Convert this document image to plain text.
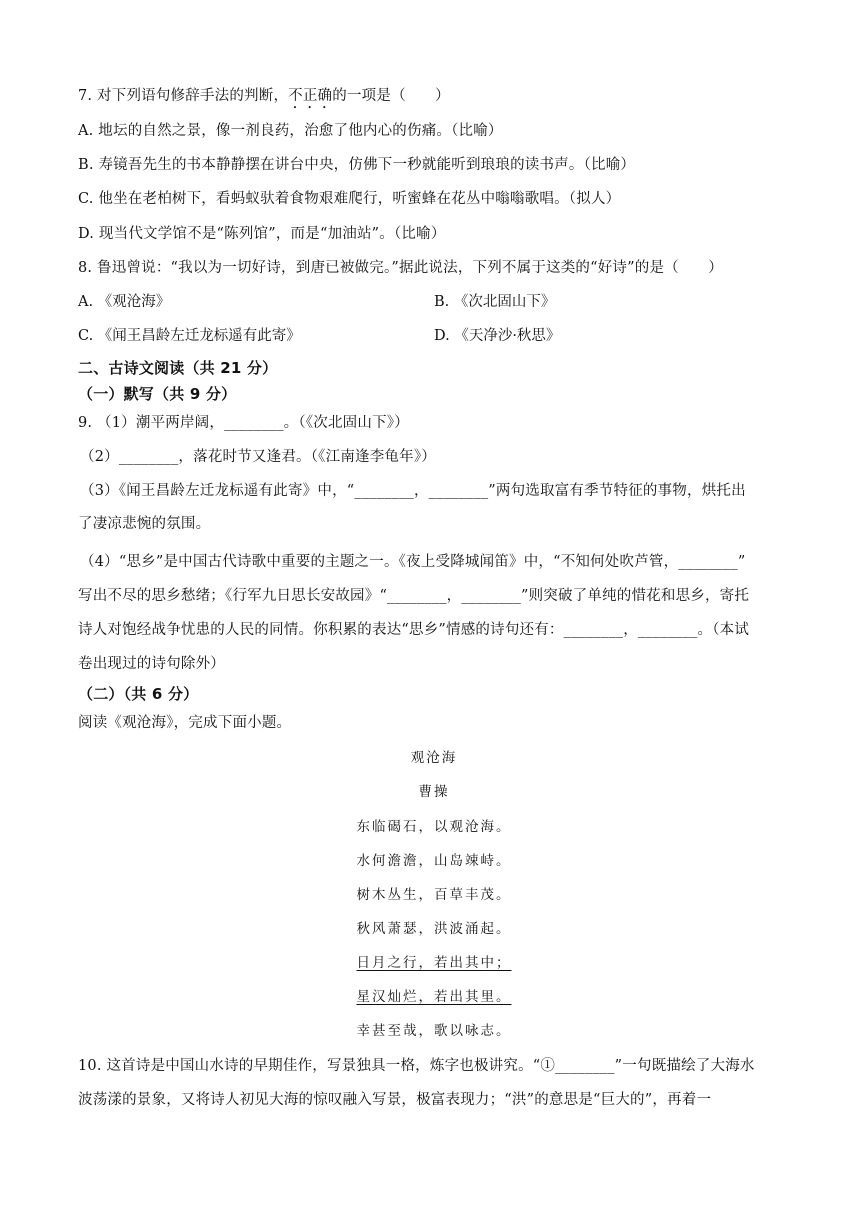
7. 对下列语句修辞手法的判断，不正确的一项是（　　）
A. 地坛的自然之景，像一剂良药，治愈了他内心的伤痛。（比喻）
B. 寿镜吾先生的书本静静摆在讲台中央，仿佛下一秒就能听到琅琅的读书声。（比喻）
C. 他坐在老柏树下，看蚂蚁驮着食物艰难爬行，听蜜蜂在花丛中嗡嗡歌唱。（拟人）
D. 现当代文学馆不是“陈列馆”，而是“加油站”。（比喻）
8. 鲁迅曾说：“我以为一切好诗，到唐已被做完。”据此说法，下列不属于这类的“好诗”的是（　　）
A. 《观沧海》	B. 《次北固山下》
C. 《闻王昌龄左迁龙标遥有此寄》	D. 《天净沙·秋思》
二、古诗文阅读（共 21 分）
（一）默写（共 9 分）
9. （1）潮平两岸阔，________。（《次北固山下》）
（2）________，落花时节又逢君。（《江南逢李龟年》）
（3）《闻王昌龄左迁龙标遥有此寄》中，“________，________”两句选取富有季节特征的事物，烘托出
了凄凉悲惋的氛围。
（4）“思乡”是中国古代诗歌中重要的主题之一。《夜上受降城闻笛》中，“不知何处吹芦管，________”
写出不尽的思乡愁绪；《行军九日思长安故园》“________，________”则突破了单纯的惜花和思乡，寄托
诗人对饱经战争忧患的人民的同情。你积累的表达“思乡”情感的诗句还有：________，________。（本试
卷出现过的诗句除外）
（二）（共 6 分）
阅读《观沧海》，完成下面小题。
观沧海
曹操
东临碣石，以观沧海。
水何澹澹，山岛竦峙。
树木丛生，百草丰茂。
秋风萧瑟，洪波涌起。
日月之行，若出其中；
星汉灿烂，若出其里。
幸甚至哉，歌以咏志。
10. 这首诗是中国山水诗的早期佳作，写景独具一格，炼字也极讲究。“①________”一句既描绘了大海水
波荡漾的景象，又将诗人初见大海的惊叹融入写景，极富表现力；“洪”的意思是“巨大的”，再着一
